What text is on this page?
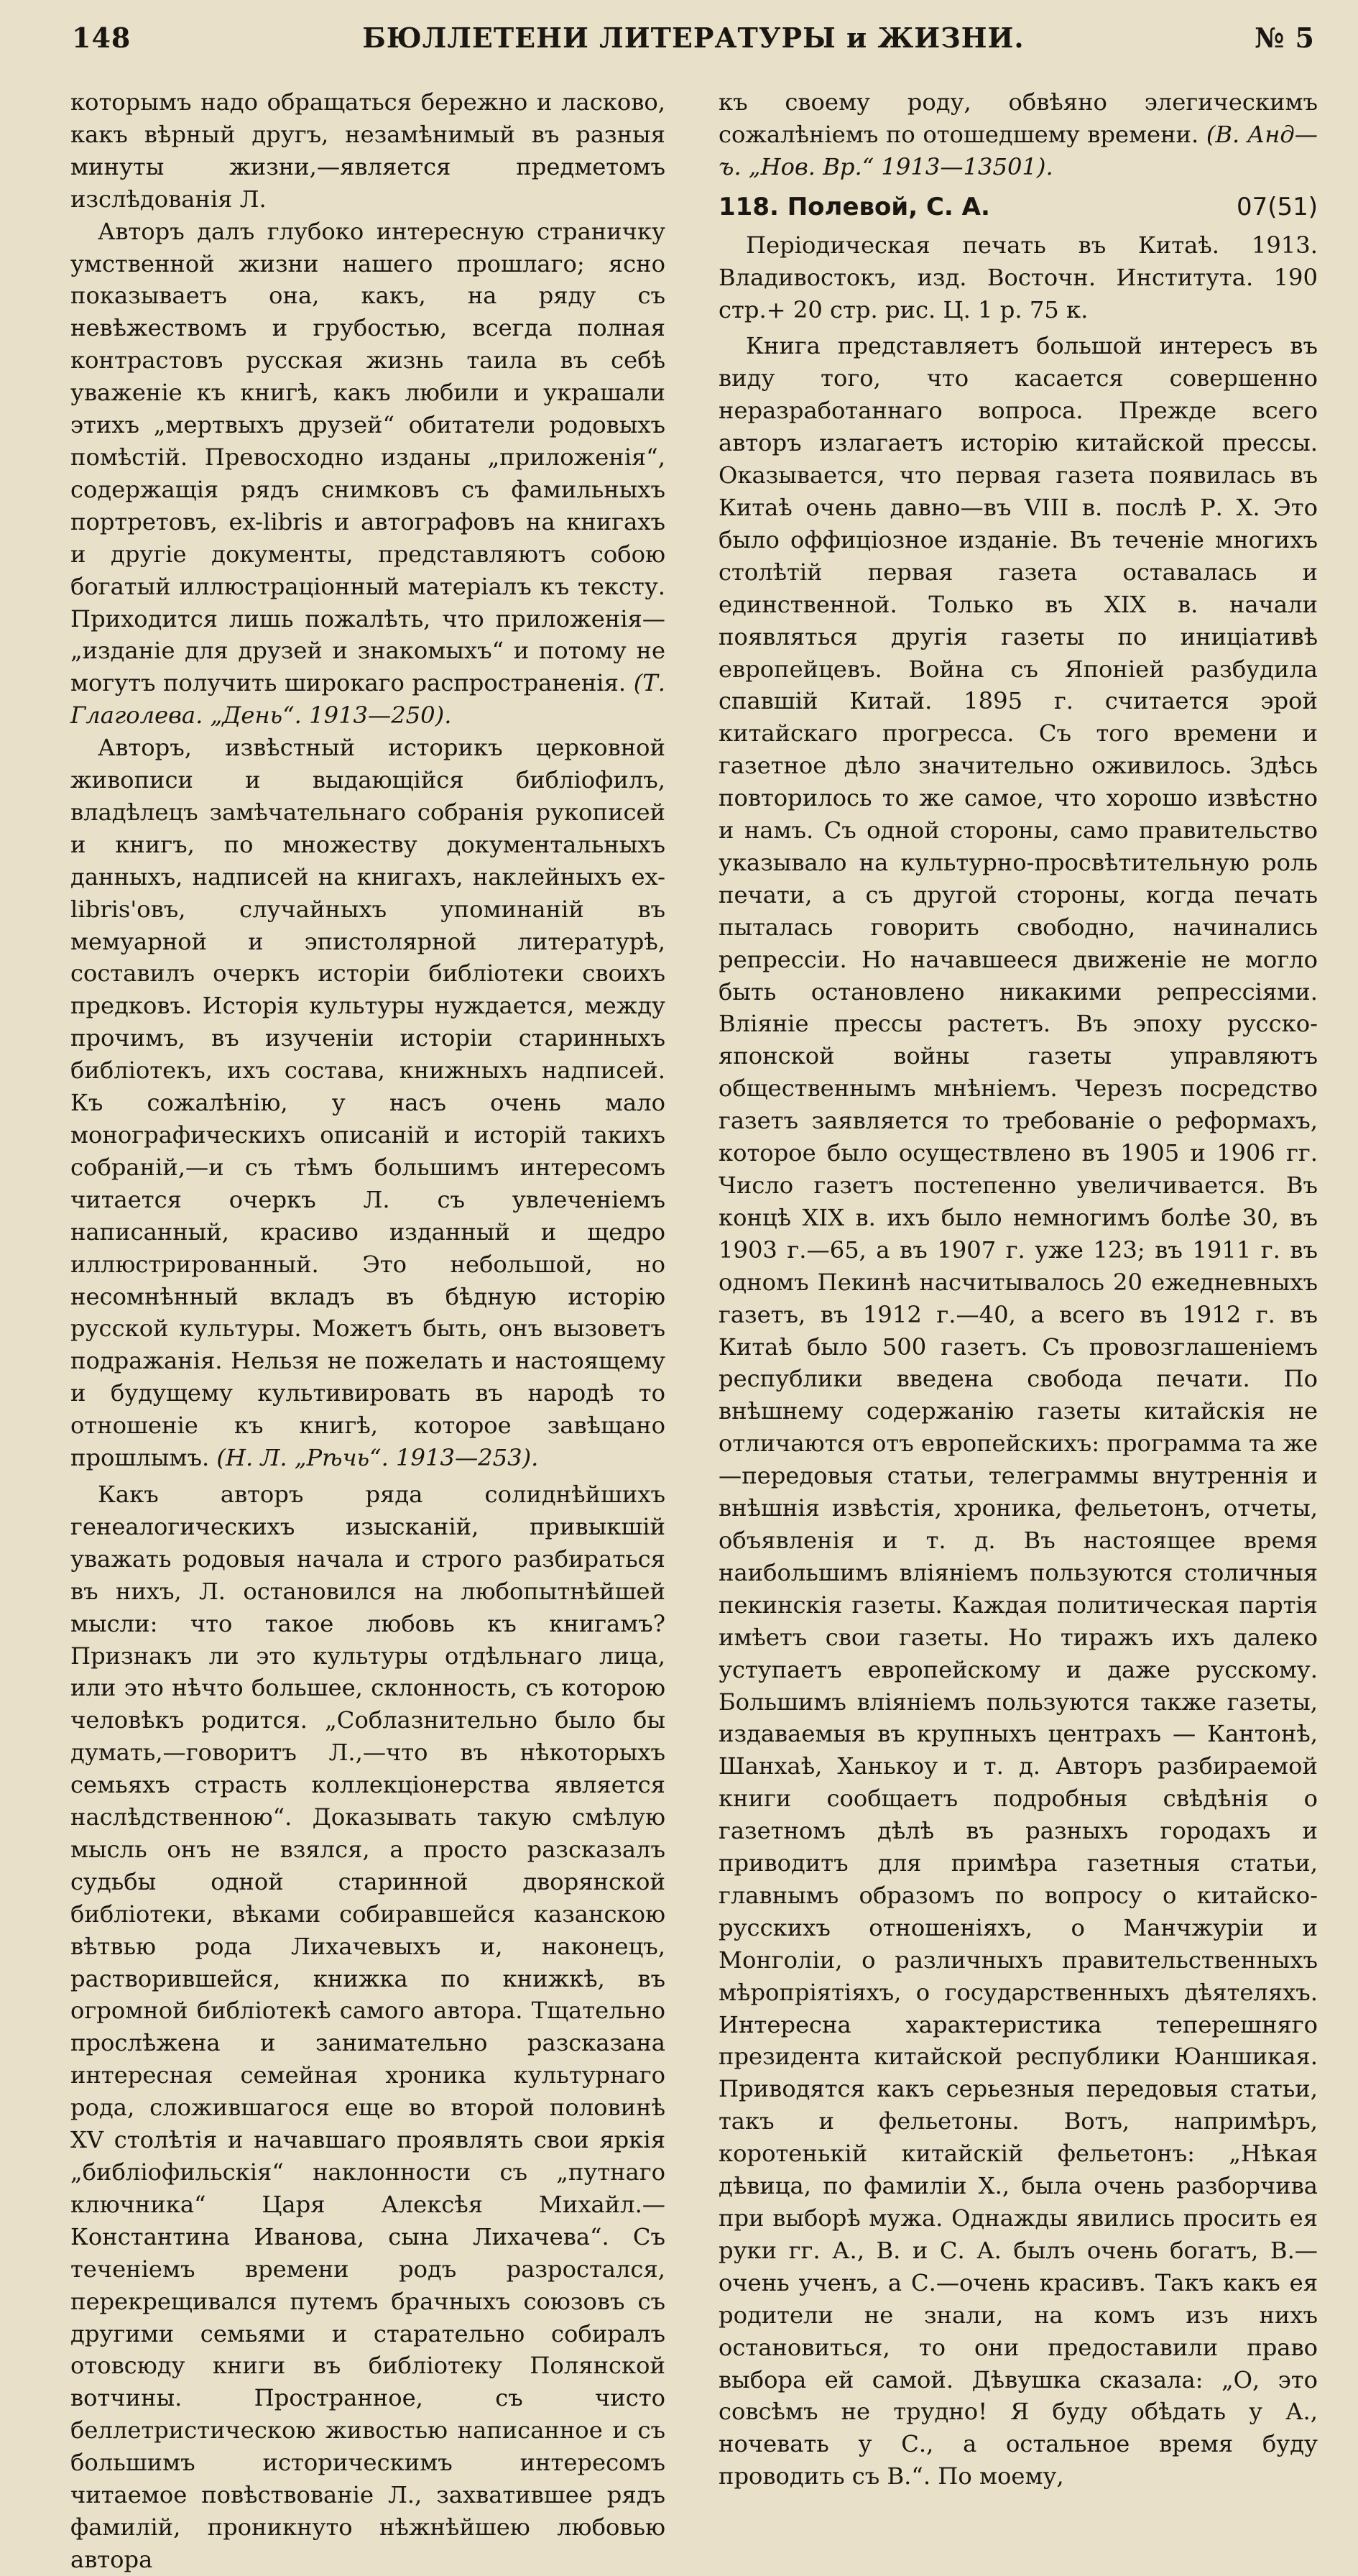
148	БЮЛЛЕТЕНИ ЛИТЕРАТУРЫ и ЖИЗНИ.	№ 5

которымъ надо обращаться бережно и ласково, какъ вѣрный другъ, незамѣнимый въ разныя минуты жизни,—является предметомъ изслѣдованія Л.

Авторъ далъ глубоко интересную страничку умственной жизни нашего прошлаго; ясно показываетъ она, какъ, на ряду съ невѣжествомъ и грубостью, всегда полная контрастовъ русская жизнь таила въ себѣ уваженіе къ книгѣ, какъ любили и украшали этихъ „мертвыхъ друзей“ обитатели родовыхъ помѣстій. Превосходно изданы „приложенія“, содержащія рядъ снимковъ съ фамильныхъ портретовъ, ex-libris и автографовъ на книгахъ и другіе документы, представляютъ собою богатый иллюстраціонный матеріалъ къ тексту. Приходится лишь пожалѣть, что приложенія—„изданіе для друзей и знакомыхъ“ и потому не могутъ получить широкаго распространенія. (Т. Глаголева. „День“. 1913—250).

Авторъ, извѣстный историкъ церковной живописи и выдающійся библіофилъ, владѣлецъ замѣчательнаго собранія рукописей и книгъ, по множеству документальныхъ данныхъ, надписей на книгахъ, наклейныхъ ex-libris'овъ, случайныхъ упоминаній въ мемуарной и эпистолярной литературѣ, составилъ очеркъ исторіи библіотеки своихъ предковъ. Исторія культуры нуждается, между прочимъ, въ изученіи исторіи старинныхъ библіотекъ, ихъ состава, книжныхъ надписей. Къ сожалѣнію, у насъ очень мало монографическихъ описаній и исторій такихъ собраній,—и съ тѣмъ большимъ интересомъ читается очеркъ Л. съ увлеченіемъ написанный, красиво изданный и щедро иллюстрированный. Это небольшой, но несомнѣнный вкладъ въ бѣдную исторію русской культуры. Можетъ быть, онъ вызоветъ подражанія. Нельзя не пожелать и настоящему и будущему культивировать въ народѣ то отношеніе къ книгѣ, которое завѣщано прошлымъ. (Н. Л. „Рѣчь“. 1913—253).

Какъ авторъ ряда солиднѣйшихъ генеалогическихъ изысканій, привыкшій уважать родовыя начала и строго разбираться въ нихъ, Л. остановился на любопытнѣйшей мысли: что такое любовь къ книгамъ? Признакъ ли это культуры отдѣльнаго лица, или это нѣчто большее, склонность, съ которою человѣкъ родится. „Соблазнительно было бы думать,—говоритъ Л.,—что въ нѣкоторыхъ семьяхъ страсть коллекціонерства является наслѣдственною“. Доказывать такую смѣлую мысль онъ не взялся, а просто разсказалъ судьбы одной старинной дворянской библіотеки, вѣками собиравшейся казанскою вѣтвью рода Лихачевыхъ и, наконецъ, растворившейся, книжка по книжкѣ, въ огромной библіотекѣ самого автора. Тщательно прослѣжена и занимательно разсказана интересная семейная хроника культурнаго рода, сложившагося еще во второй половинѣ XV столѣтія и начавшаго проявлять свои яркія „библіофильскія“ наклонности съ „путнаго ключника“ Царя Алексѣя Михайл.—Константина Иванова, сына Лихачева“. Съ теченіемъ времени родъ разростался, перекрещивался путемъ брачныхъ союзовъ съ другими семьями и старательно собиралъ отовсюду книги въ библіотеку Полянской вотчины. Пространное, съ чисто беллетристическою живостью написанное и съ большимъ историческимъ интересомъ читаемое повѣствованіе Л., захватившее рядъ фамилій, проникнуто нѣжнѣйшею любовью автора

къ своему роду, обвѣяно элегическимъ сожалѣніемъ по отошедшему времени. (В. Анд—ъ. „Нов. Вр.“ 1913—13501).

118. Полевой, С. А.	07(51)

Періодическая печать въ Китаѣ. 1913. Владивостокъ, изд. Восточн. Института. 190 стр.+ 20 стр. рис. Ц. 1 р. 75 к.

Книга представляетъ большой интересъ въ виду того, что касается совершенно неразработаннаго вопроса. Прежде всего авторъ излагаетъ исторію китайской прессы. Оказывается, что первая газета появилась въ Китаѣ очень давно—въ VIII в. послѣ Р. Х. Это было оффиціозное изданіе. Въ теченіе многихъ столѣтій первая газета оставалась и единственной. Только въ XIX в. начали появляться другія газеты по иниціативѣ европейцевъ. Война съ Японіей разбудила спавшій Китай. 1895 г. считается эрой китайскаго прогресса. Съ того времени и газетное дѣло значительно оживилось. Здѣсь повторилось то же самое, что хорошо извѣстно и намъ. Съ одной стороны, само правительство указывало на культурно-просвѣтительную роль печати, а съ другой стороны, когда печать пыталась говорить свободно, начинались репрессіи. Но начавшееся движеніе не могло быть остановлено никакими репрессіями. Вліяніе прессы растетъ. Въ эпоху русско-японской войны газеты управляютъ общественнымъ мнѣніемъ. Черезъ посредство газетъ заявляется то требованіе о реформахъ, которое было осуществлено въ 1905 и 1906 гг. Число газетъ постепенно увеличивается. Въ концѣ XIX в. ихъ было немногимъ болѣе 30, въ 1903 г.—65, а въ 1907 г. уже 123; въ 1911 г. въ одномъ Пекинѣ насчитывалось 20 ежедневныхъ газетъ, въ 1912 г.—40, а всего въ 1912 г. въ Китаѣ было 500 газетъ. Съ провозглашеніемъ республики введена свобода печати. По внѣшнему содержанію газеты китайскія не отличаются отъ европейскихъ: программа та же—передовыя статьи, телеграммы внутреннія и внѣшнія извѣстія, хроника, фельетонъ, отчеты, объявленія и т. д. Въ настоящее время наибольшимъ вліяніемъ пользуются столичныя пекинскія газеты. Каждая политическая партія имѣетъ свои газеты. Но тиражъ ихъ далеко уступаетъ европейскому и даже русскому. Большимъ вліяніемъ пользуются также газеты, издаваемыя въ крупныхъ центрахъ — Кантонѣ, Шанхаѣ, Ханькоу и т. д. Авторъ разбираемой книги сообщаетъ подробныя свѣдѣнія о газетномъ дѣлѣ въ разныхъ городахъ и приводитъ для примѣра газетныя статьи, главнымъ образомъ по вопросу о китайско-русскихъ отношеніяхъ, о Манчжуріи и Монголіи, о различныхъ правительственныхъ мѣропріятіяхъ, о государственныхъ дѣятеляхъ. Интересна характеристика теперешняго президента китайской республики Юаншикая. Приводятся какъ серьезныя передовыя статьи, такъ и фельетоны. Вотъ, напримѣръ, коротенькій китайскій фельетонъ: „Нѣкая дѣвица, по фамиліи Х., была очень разборчива при выборѣ мужа. Однажды явились просить ея руки гг. А., В. и С. А. былъ очень богатъ, В.—очень ученъ, а С.—очень красивъ. Такъ какъ ея родители не знали, на комъ изъ нихъ остановиться, то они предоставили право выбора ей самой. Дѣвушка сказала: „О, это совсѣмъ не трудно! Я буду обѣдать у А., ночевать у С., а остальное время буду проводить съ В.“. По моему,
